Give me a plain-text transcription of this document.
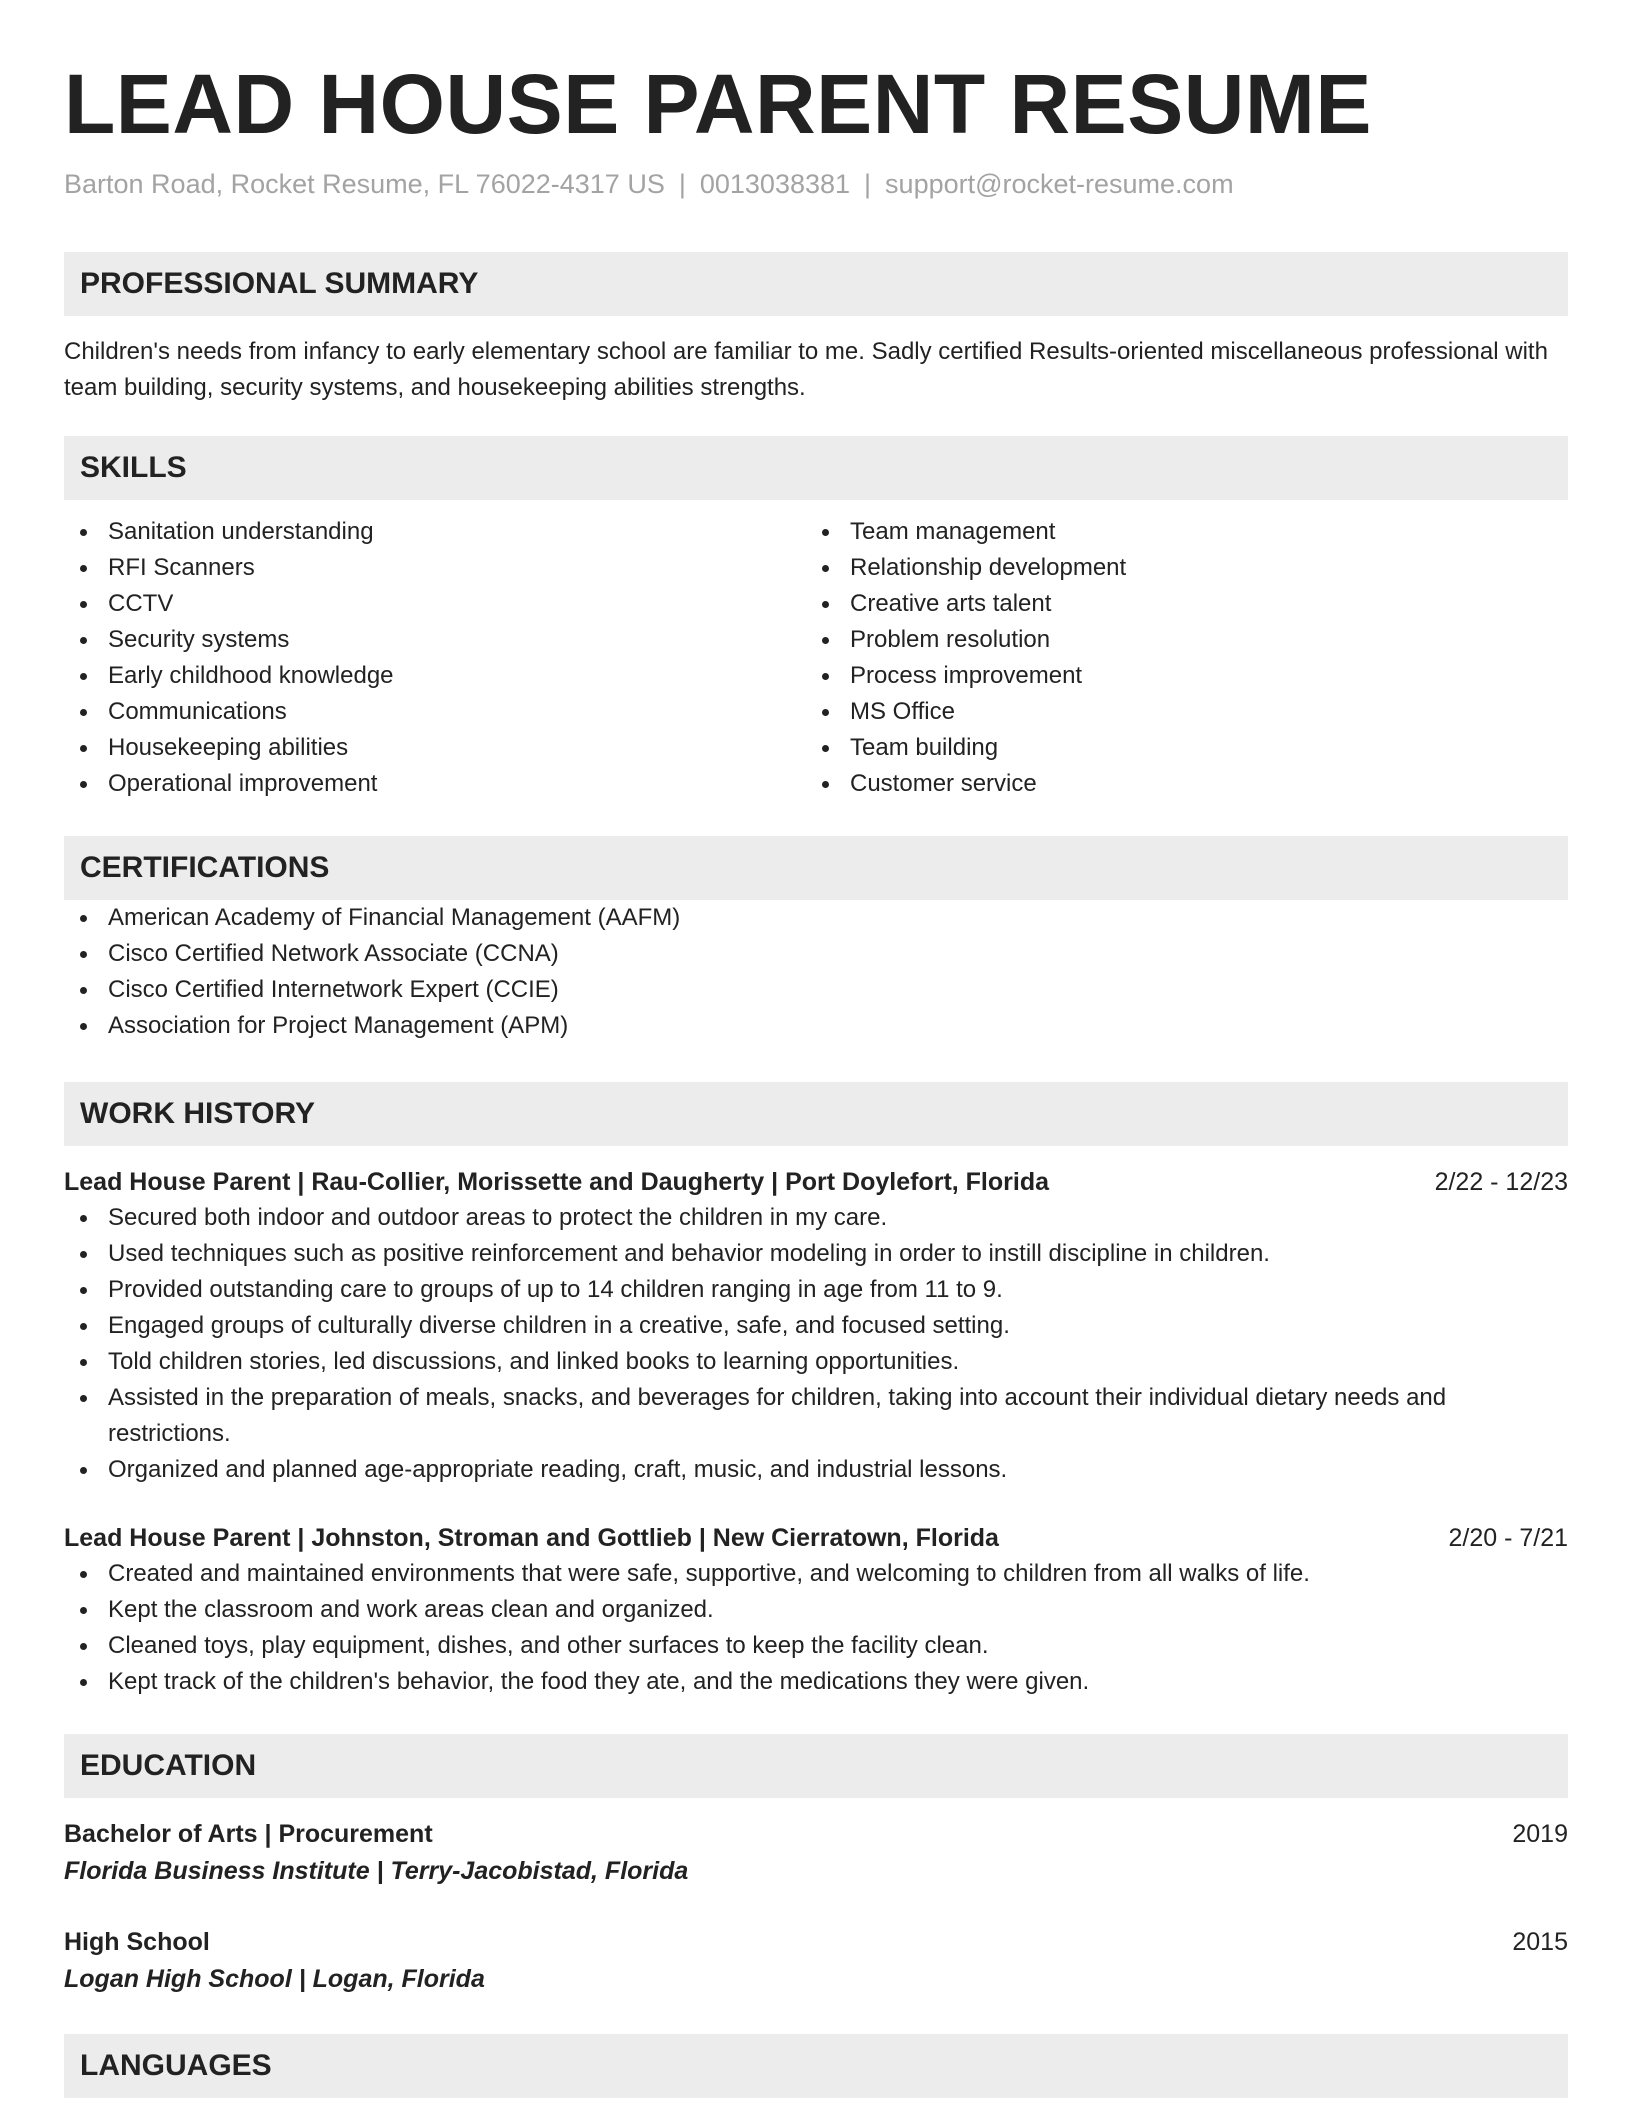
LEAD HOUSE PARENT RESUME
Barton Road, Rocket Resume, FL 76022-4317 US | 0013038381 | support@rocket-resume.com
PROFESSIONAL SUMMARY

Children's needs from infancy to early elementary school are familiar to me. Sadly certified Results-oriented miscellaneous professional with team building, security systems, and housekeeping abilities strengths.

SKILLS
Sanitation understanding
RFI Scanners
CCTV
Security systems
Early childhood knowledge
Communications
Housekeeping abilities
Operational improvement
Team management
Relationship development
Creative arts talent
Problem resolution
Process improvement
MS Office
Team building
Customer service
CERTIFICATIONS
American Academy of Financial Management (AAFM)
Cisco Certified Network Associate (CCNA)
Cisco Certified Internetwork Expert (CCIE)
Association for Project Management (APM)
WORK HISTORY
Lead House Parent | Rau-Collier, Morissette and Daugherty | Port Doylefort, Florida	2/22 - 12/23
Secured both indoor and outdoor areas to protect the children in my care.
Used techniques such as positive reinforcement and behavior modeling in order to instill discipline in children.
Provided outstanding care to groups of up to 14 children ranging in age from 11 to 9.
Engaged groups of culturally diverse children in a creative, safe, and focused setting.
Told children stories, led discussions, and linked books to learning opportunities.
Assisted in the preparation of meals, snacks, and beverages for children, taking into account their individual dietary needs and restrictions.
Organized and planned age-appropriate reading, craft, music, and industrial lessons.
Lead House Parent | Johnston, Stroman and Gottlieb | New Cierratown, Florida	2/20 - 7/21
Created and maintained environments that were safe, supportive, and welcoming to children from all walks of life.
Kept the classroom and work areas clean and organized.
Cleaned toys, play equipment, dishes, and other surfaces to keep the facility clean.
Kept track of the children's behavior, the food they ate, and the medications they were given.
EDUCATION
Bachelor of Arts | Procurement	2019
Florida Business Institute | Terry-Jacobistad, Florida
High School	2015
Logan High School | Logan, Florida
LANGUAGES
